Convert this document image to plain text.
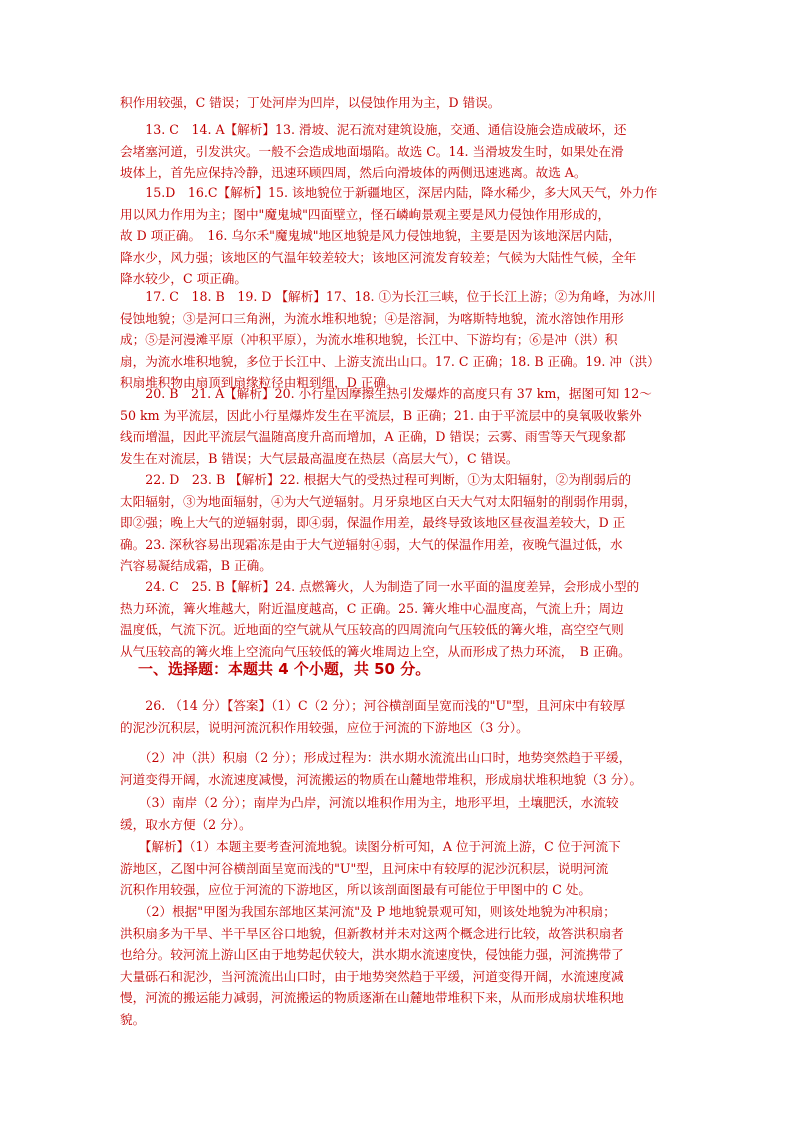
积作用较强，C 错误；丁处河岸为凹岸，以侵蚀作用为主，D 错误。
　　13. C　14. A【解析】13. 滑坡、泥石流对建筑设施，交通、通信设施会造成破坏，还
会堵塞河道，引发洪灾。一般不会造成地面塌陷。故选 C。14. 当滑坡发生时，如果处在滑
坡体上，首先应保持冷静，迅速环顾四周，然后向滑坡体的两侧迅速逃离。故选 A。
　　15.D　16.C【解析】15. 该地貌位于新疆地区，深居内陆，降水稀少，多大风天气，外力作
用以风力作用为主；图中"魔鬼城"四面壁立，怪石嶙峋景观主要是风力侵蚀作用形成的，
故 D 项正确。　16. 乌尔禾"魔鬼城"地区地貌是风力侵蚀地貌，主要是因为该地深居内陆，
降水少，风力强；该地区的气温年较差较大；该地区河流发育较差；气候为大陆性气候，全年
降水较少，C 项正确。
　　17. C　18. B　19. D 【解析】17、18. ①为长江三峡，位于长江上游；②为角峰，为冰川
侵蚀地貌；③是河口三角洲，为流水堆积地貌；④是溶洞，为喀斯特地貌，流水溶蚀作用形
成；⑤是河漫滩平原（冲积平原），为流水堆积地貌，长江中、下游均有；⑥是冲（洪）积
扇，为流水堆积地貌，多位于长江中、上游支流出山口。17. C 正确；18. B 正确。19. 冲（洪）
积扇堆积物由扇顶到扇缘粒径由粗到细，D 正确。
　　20. B　21. A【解析】20. 小行星因摩擦生热引发爆炸的高度只有 37 km，据图可知 12～
50 km 为平流层，因此小行星爆炸发生在平流层，B 正确；21. 由于平流层中的臭氧吸收紫外
线而增温，因此平流层气温随高度升高而增加，A 正确，D 错误；云雾、雨雪等天气现象都
发生在对流层，B 错误；大气层最高温度在热层（高层大气），C 错误。
　　22. D　23. B 【解析】22. 根据大气的受热过程可判断，①为太阳辐射，②为削弱后的
太阳辐射，③为地面辐射，④为大气逆辐射。月牙泉地区白天大气对太阳辐射的削弱作用弱，
即②强；晚上大气的逆辐射弱，即④弱，保温作用差，最终导致该地区昼夜温差较大，D 正
确。23. 深秋容易出现霜冻是由于大气逆辐射④弱，大气的保温作用差，夜晚气温过低，水
汽容易凝结成霜，B 正确。
　　24. C　25. B【解析】24. 点燃篝火，人为制造了同一水平面的温度差异，会形成小型的
热力环流，篝火堆越大，附近温度越高，C 正确。25. 篝火堆中心温度高，气流上升；周边
温度低，气流下沉。近地面的空气就从气压较高的四周流向气压较低的篝火堆，高空空气则
从气压较高的篝火堆上空流向气压较低的篝火堆周边上空，从而形成了热力环流，　B 正确。
一、选择题：本题共 4 个小题，共 50 分。
　　26. （14 分）【答案】（1）C（2 分）；河谷横剖面呈宽而浅的"U"型，且河床中有较厚
的泥沙沉积层，说明河流沉积作用较强，应位于河流的下游地区（3 分）。
　　（2）冲（洪）积扇（2 分）；形成过程为：洪水期水流流出山口时，地势突然趋于平缓，
河道变得开阔，水流速度减慢，河流搬运的物质在山麓地带堆积，形成扇状堆积地貌（3 分）。
　　（3）南岸（2 分）；南岸为凸岸，河流以堆积作用为主，地形平坦，土壤肥沃，水流较
缓，取水方便（2 分）。
　　【解析】（1）本题主要考查河流地貌。读图分析可知，A 位于河流上游，C 位于河流下
游地区，乙图中河谷横剖面呈宽而浅的"U"型，且河床中有较厚的泥沙沉积层，说明河流
沉积作用较强，应位于河流的下游地区，所以该剖面图最有可能位于甲图中的 C 处。
　　（2）根据"甲图为我国东部地区某河流"及 P 地地貌景观可知，则该处地貌为冲积扇；
洪积扇多为干旱、半干旱区谷口地貌，但新教材并未对这两个概念进行比较，故答洪积扇者
也给分。较河流上游山区由于地势起伏较大，洪水期水流速度快，侵蚀能力强，河流携带了
大量砾石和泥沙，当河流流出山口时，由于地势突然趋于平缓，河道变得开阔，水流速度减
慢，河流的搬运能力减弱，河流搬运的物质逐渐在山麓地带堆积下来，从而形成扇状堆积地
貌。
